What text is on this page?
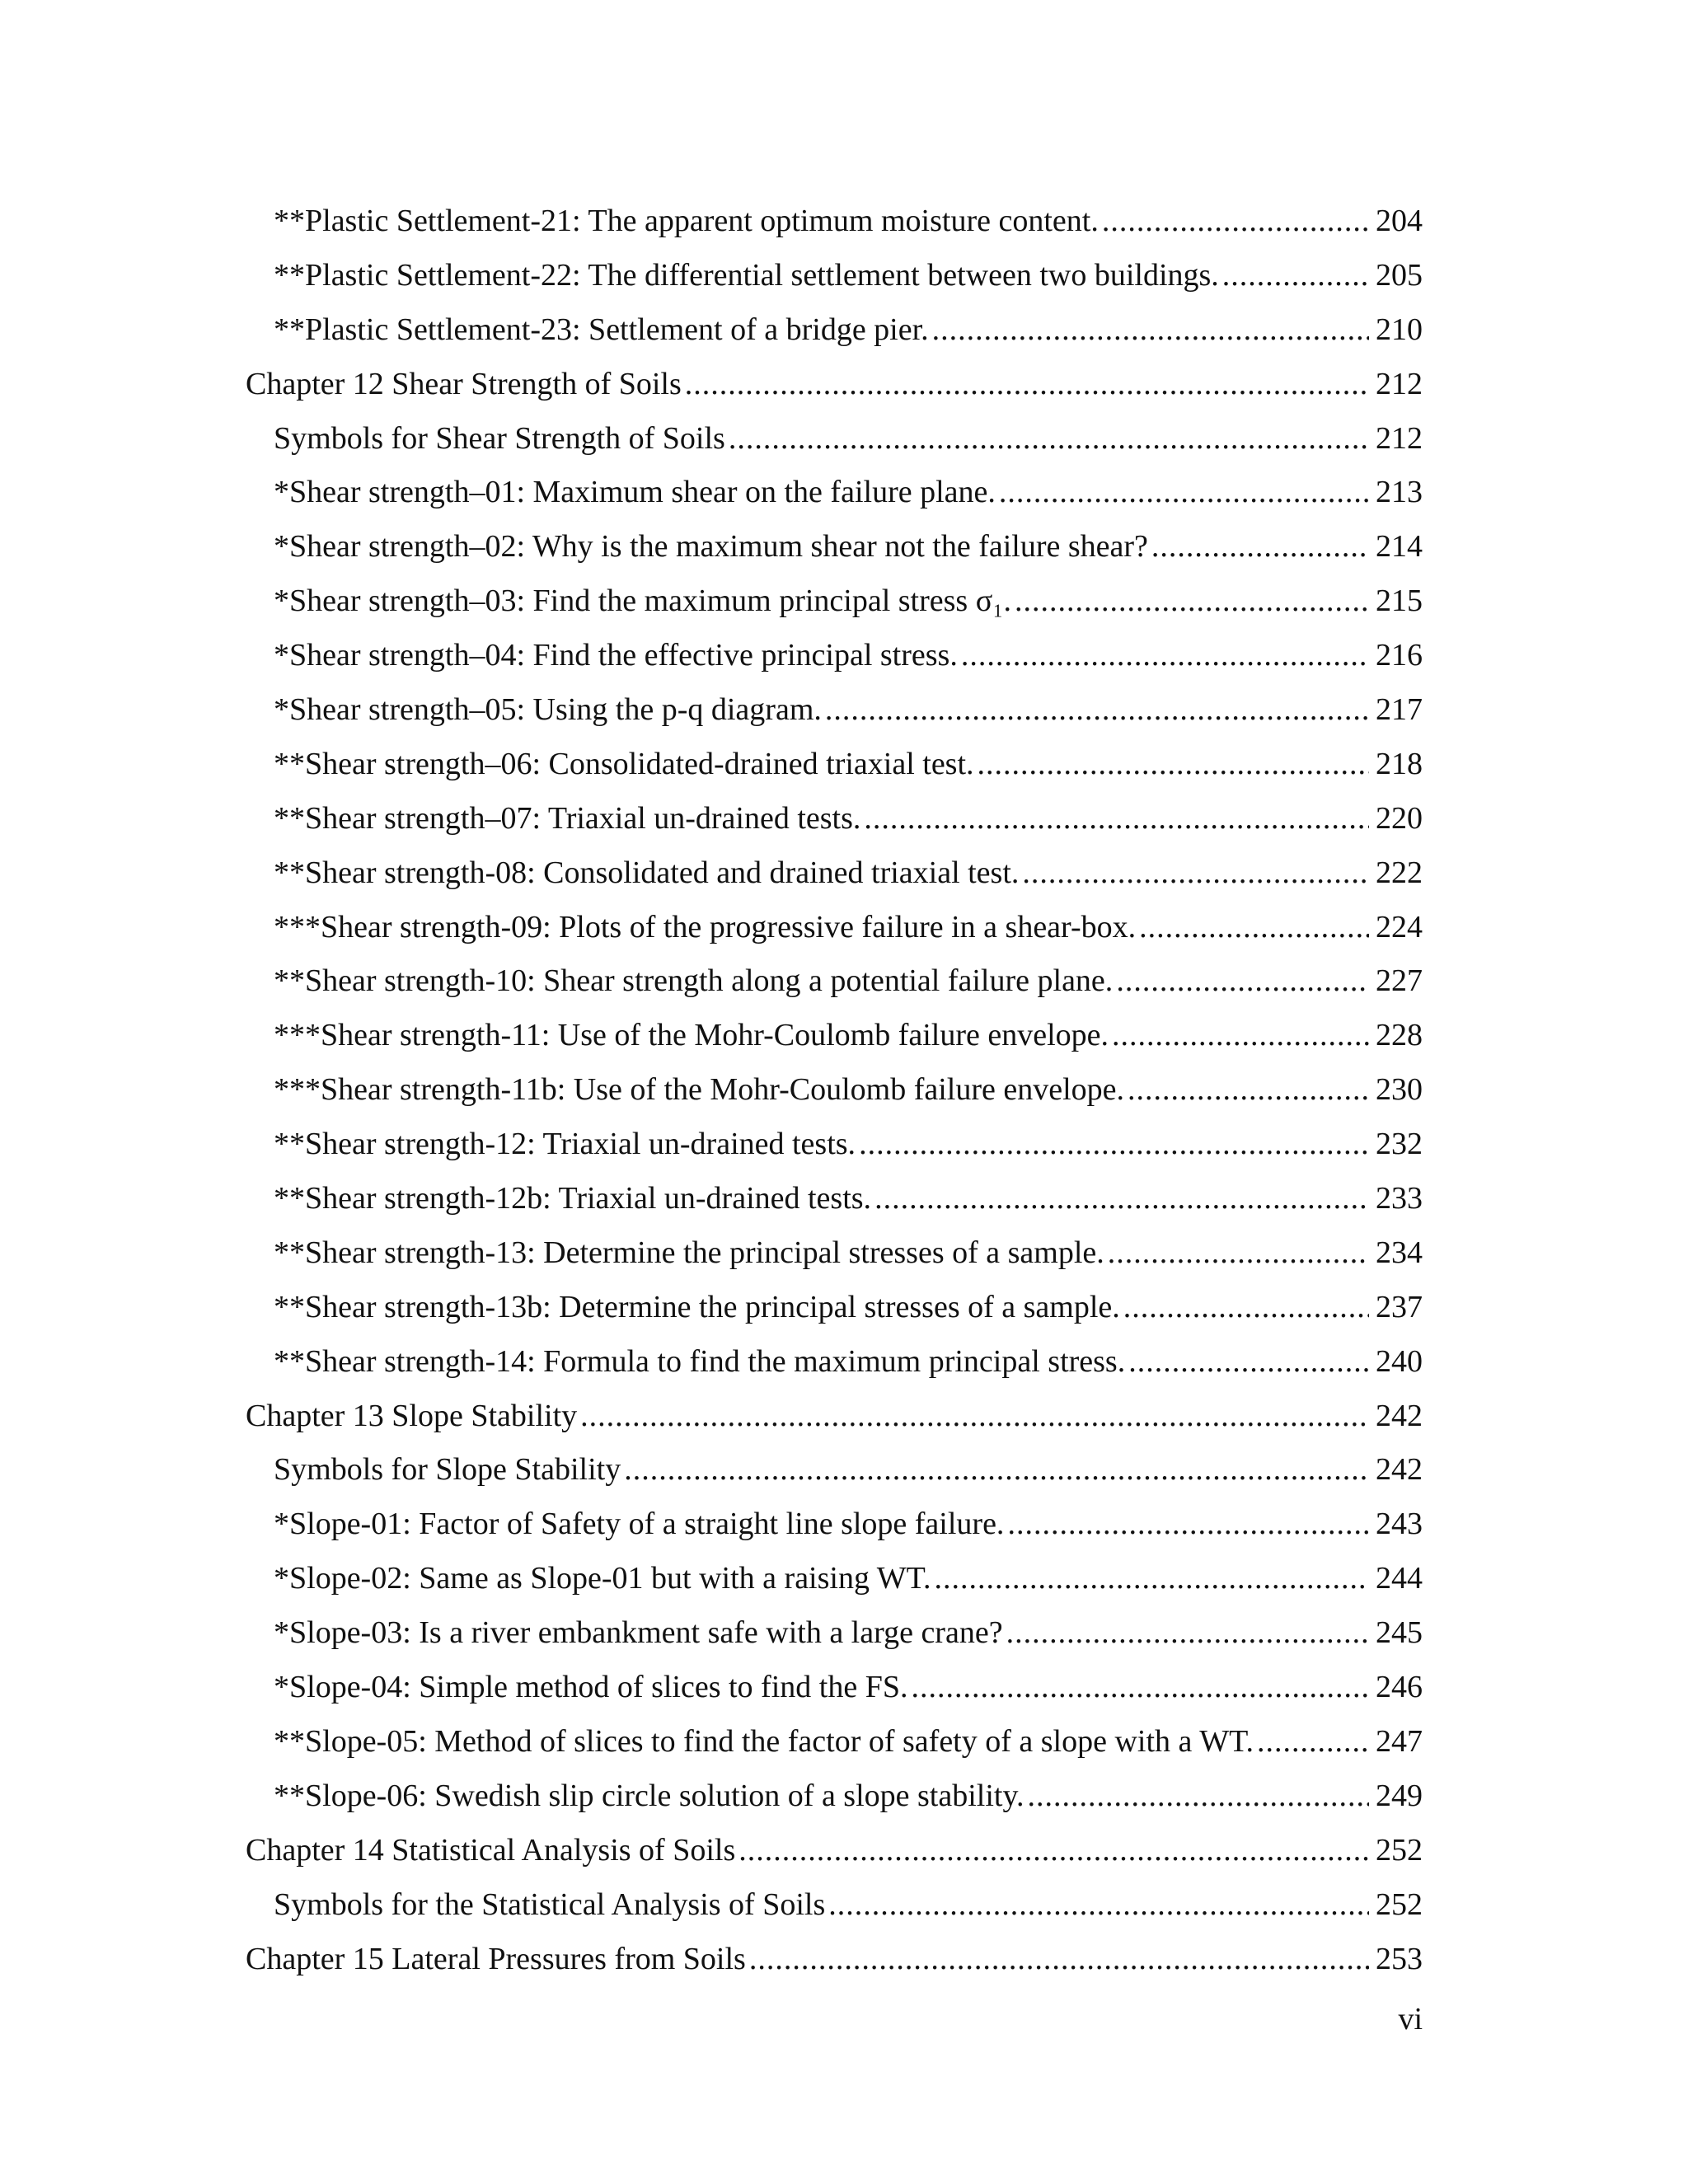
**Plastic Settlement-21: The apparent optimum moisture content. .....	204
**Plastic Settlement-22: The differential settlement between two buildings. .....	205
**Plastic Settlement-23: Settlement of a bridge pier. .....	210
Chapter 12 Shear Strength of Soils .....	212
Symbols for Shear Strength of Soils .....	212
*Shear strength–01: Maximum shear on the failure plane. .....	213
*Shear strength–02: Why is the maximum shear not the failure shear? .....	214
*Shear strength–03: Find the maximum principal stress σ₁. .....	215
*Shear strength–04: Find the effective principal stress. .....	216
*Shear strength–05: Using the p-q diagram. .....	217
**Shear strength–06: Consolidated-drained triaxial test. .....	218
**Shear strength–07: Triaxial un-drained tests. .....	220
**Shear strength-08: Consolidated and drained triaxial test. .....	222
***Shear strength-09: Plots of the progressive failure in a shear-box. .....	224
**Shear strength-10: Shear strength along a potential failure plane. .....	227
***Shear strength-11: Use of the Mohr-Coulomb failure envelope. .....	228
***Shear strength-11b: Use of the Mohr-Coulomb failure envelope. .....	230
**Shear strength-12: Triaxial un-drained tests. .....	232
**Shear strength-12b: Triaxial un-drained tests. .....	233
**Shear strength-13: Determine the principal stresses of a sample. .....	234
**Shear strength-13b: Determine the principal stresses of a sample. .....	237
**Shear strength-14: Formula to find the maximum principal stress. .....	240
Chapter 13 Slope Stability .....	242
Symbols for Slope Stability .....	242
*Slope-01: Factor of Safety of a straight line slope failure. .....	243
*Slope-02: Same as Slope-01 but with a raising WT. .....	244
*Slope-03: Is a river embankment safe with a large crane? .....	245
*Slope-04: Simple method of slices to find the FS. .....	246
**Slope-05: Method of slices to find the factor of safety of a slope with a WT. .....	247
**Slope-06: Swedish slip circle solution of a slope stability. .....	249
Chapter 14 Statistical Analysis of Soils .....	252
Symbols for the Statistical Analysis of Soils .....	252
Chapter 15 Lateral Pressures from Soils .....	253
vi
